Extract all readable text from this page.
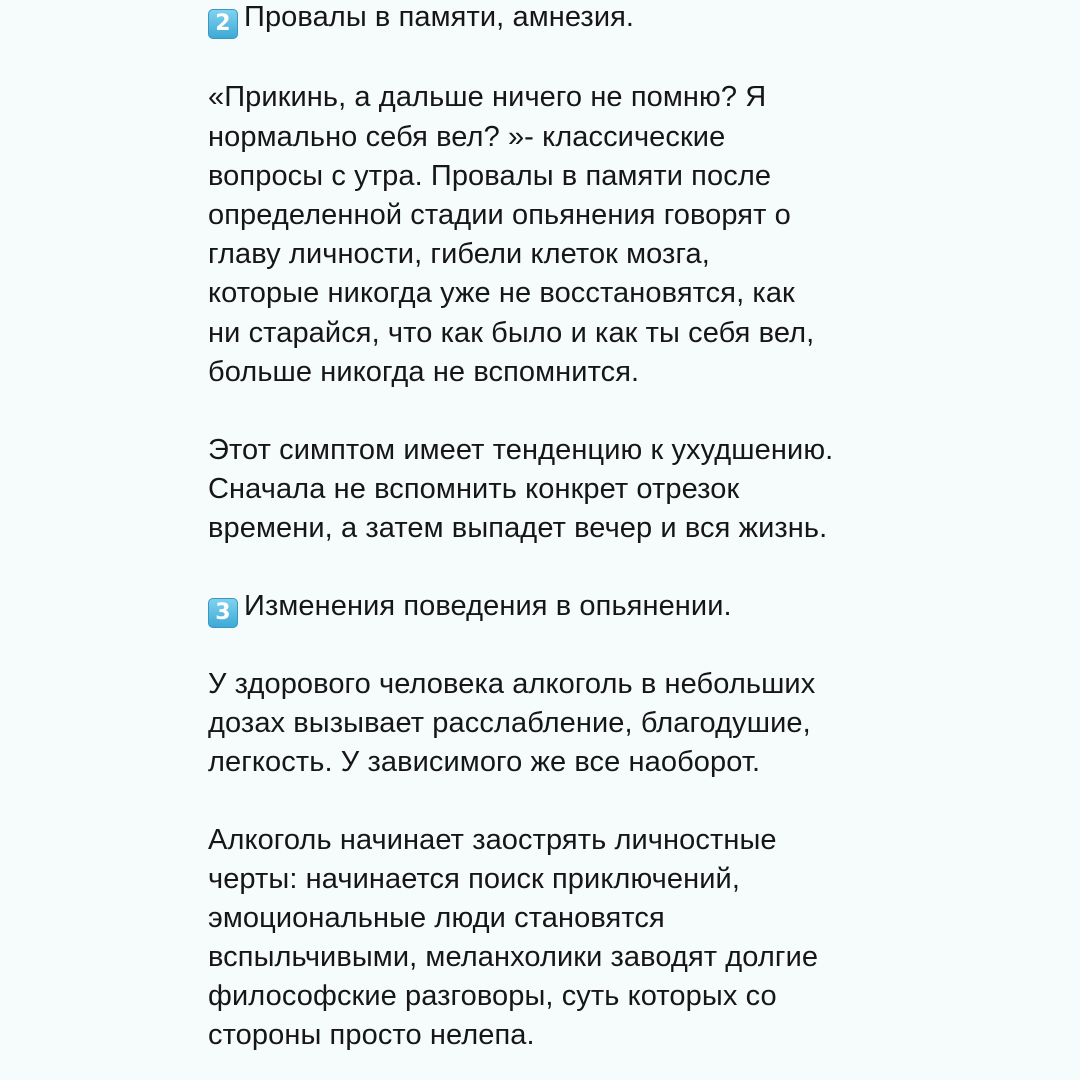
2 Провалы в памяти, амнезия.
«Прикинь, а дальше ничего не помню? Я
нормально себя вел? »- классические
вопросы с утра. Провалы в памяти после
определенной стадии опьянения говорят о
главу личности, гибели клеток мозга,
которые никогда уже не восстановятся, как
ни старайся, что как было и как ты себя вел,
больше никогда не вспомнится.
Этот симптом имеет тенденцию к ухудшению.
Сначала не вспомнить конкрет отрезок
времени, а затем выпадет вечер и вся жизнь.
3 Изменения поведения в опьянении.
У здорового человека алкоголь в небольших
дозах вызывает расслабление, благодушие,
легкость. У зависимого же все наоборот.
Алкоголь начинает заострять личностные
черты: начинается поиск приключений,
эмоциональные люди становятся
вспыльчивыми, меланхолики заводят долгие
философские разговоры, суть которых со
стороны просто нелепа.
